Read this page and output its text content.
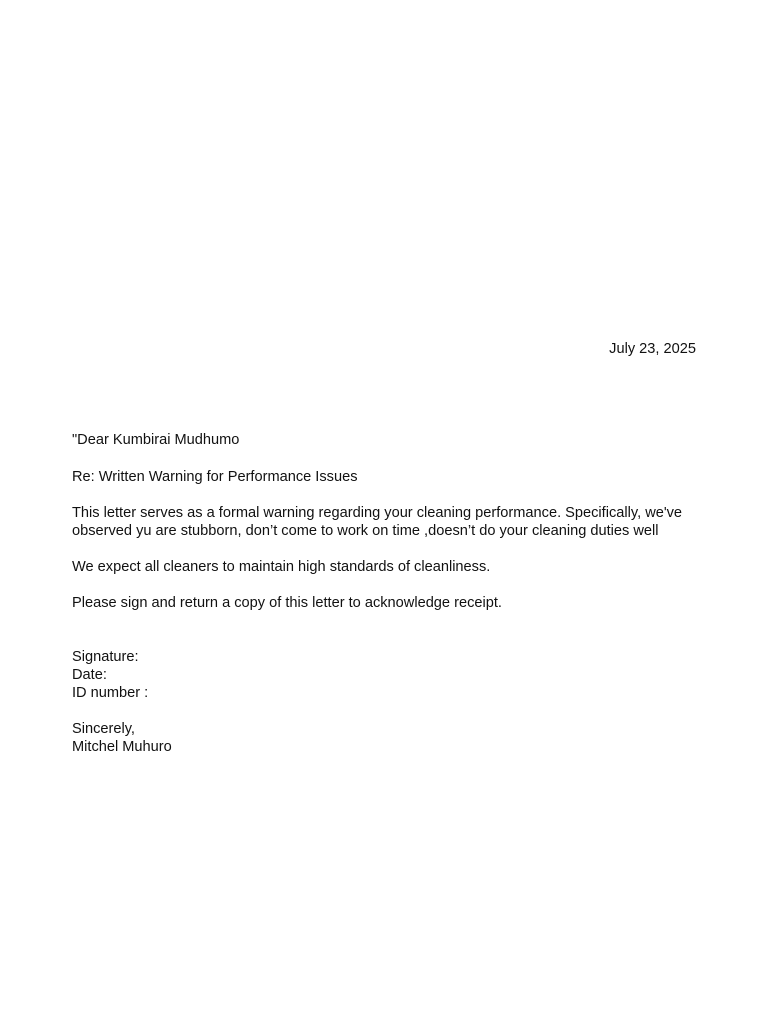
July 23, 2025

"Dear Kumbirai Mudhumo

Re: Written Warning for Performance Issues

This letter serves as a formal warning regarding your cleaning performance. Specifically, we've

observed yu are stubborn, don’t come to work on time ,doesn’t do your cleaning duties well

We expect all cleaners to maintain high standards of cleanliness.

Please sign and return a copy of this letter to acknowledge receipt.

Signature:

Date:

ID number :

Sincerely,

Mitchel Muhuro
